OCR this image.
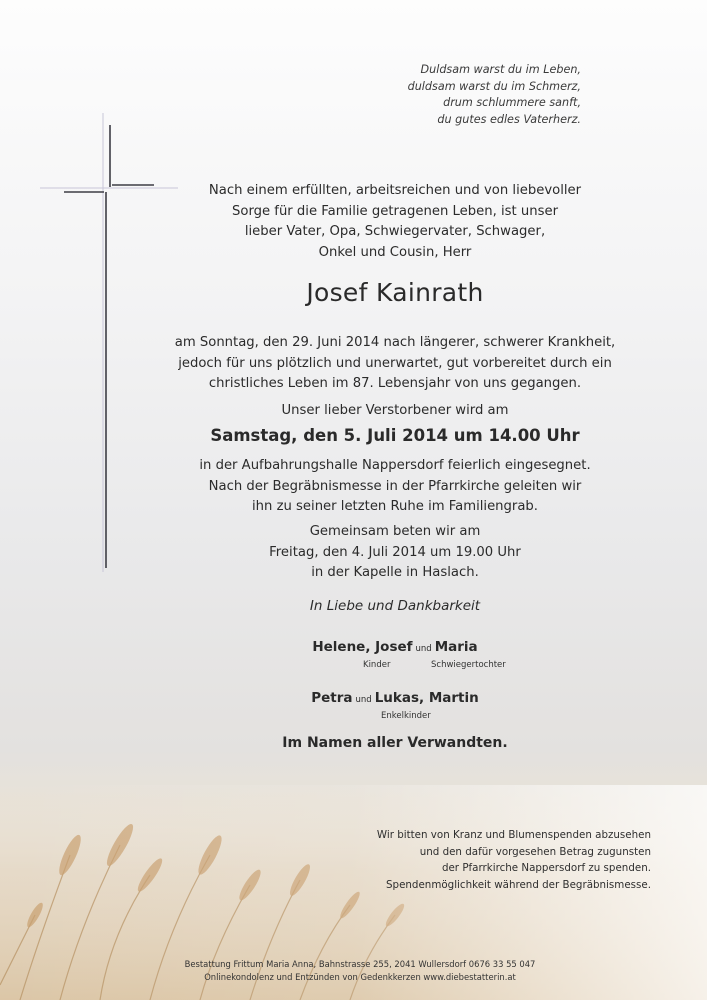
Duldsam warst du im Leben,
duldsam warst du im Schmerz,
drum schlummere sanft,
du gutes edles Vaterherz.
Nach einem erfüllten, arbeitsreichen und von liebevoller
Sorge für die Familie getragenen Leben, ist unser
lieber Vater, Opa, Schwiegervater, Schwager,
Onkel und Cousin, Herr
Josef Kainrath
am Sonntag, den 29. Juni 2014 nach längerer, schwerer Krankheit,
jedoch für uns plötzlich und unerwartet, gut vorbereitet durch ein
christliches Leben im 87. Lebensjahr von uns gegangen.
Unser lieber Verstorbener wird am
Samstag, den 5. Juli 2014 um 14.00 Uhr
in der Aufbahrungshalle Nappersdorf feierlich eingesegnet.
Nach der Begräbnismesse in der Pfarrkirche geleiten wir
ihn zu seiner letzten Ruhe im Familiengrab.
Gemeinsam beten wir am
Freitag, den 4. Juli 2014 um 19.00 Uhr
in der Kapelle in Haslach.
In Liebe und Dankbarkeit
Helene, Josef und Maria
Kinder	Schwiegertochter
Petra und Lukas, Martin
Enkelkinder
Im Namen aller Verwandten.
Wir bitten von Kranz und Blumenspenden abzusehen
und den dafür vorgesehen Betrag zugunsten
der Pfarrkirche Nappersdorf zu spenden.
Spendenmöglichkeit während der Begräbnismesse.
Bestattung Frittum Maria Anna, Bahnstrasse 255, 2041 Wullersdorf 0676 33 55 047
Onlinekondolenz und Entzünden von Gedenkkerzen www.diebestatterin.at
